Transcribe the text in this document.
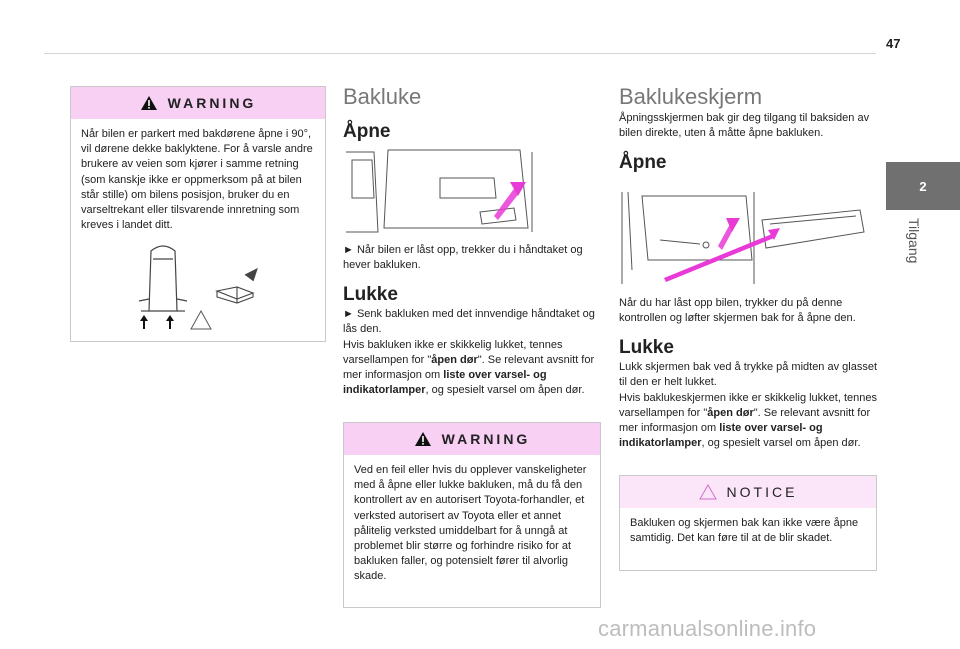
47
2
Tilgang
WARNING
Når bilen er parkert med bakdørene åpne i 90°, vil dørene dekke baklyktene. For å varsle andre brukere av veien som kjører i samme retning (som kanskje ikke er oppmerksom på at bilen står stille) om bilens posisjon, bruker du en varseltrekant eller tilsvarende innretning som kreves i landet ditt.
Bakluke
Åpne
► Når bilen er låst opp, trekker du i håndtaket og hever bakluken.
Lukke
► Senk bakluken med det innvendige håndtaket og lås den.
Hvis bakluken ikke er skikkelig lukket, tennes varsellampen for "åpen dør". Se relevant avsnitt for mer informasjon om liste over varsel- og indikatorlamper, og spesielt varsel om åpen dør.
WARNING
Ved en feil eller hvis du opplever vanskeligheter med å åpne eller lukke bakluken, må du få den kontrollert av en autorisert Toyota-forhandler, et verksted autorisert av Toyota eller et annet pålitelig verksted umiddelbart for å unngå at problemet blir større og forhindre risiko for at bakluken faller, og potensielt fører til alvorlig skade.
Baklukeskjerm
Åpningsskjermen bak gir deg tilgang til baksiden av bilen direkte, uten å måtte åpne bakluken.
Åpne
Når du har låst opp bilen, trykker du på denne kontrollen og løfter skjermen bak for å åpne den.
Lukke
Lukk skjermen bak ved å trykke på midten av glasset til den er helt lukket.
Hvis baklukeskjermen ikke er skikkelig lukket, tennes varsellampen for "åpen dør". Se relevant avsnitt for mer informasjon om liste over varsel- og indikatorlamper, og spesielt varsel om åpen dør.
NOTICE
Bakluken og skjermen bak kan ikke være åpne samtidig. Det kan føre til at de blir skadet.
carmanualsonline.info
